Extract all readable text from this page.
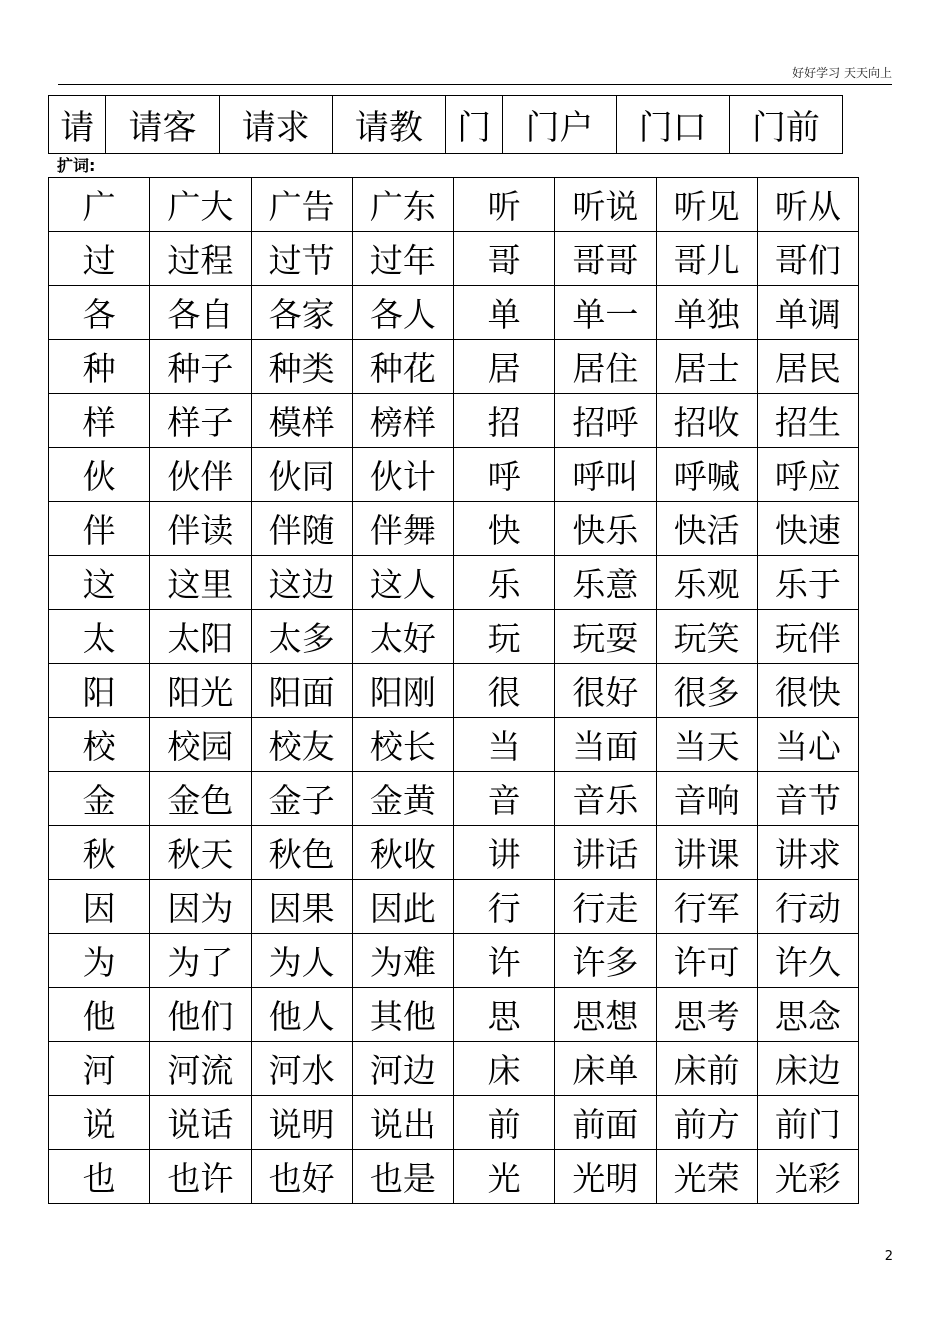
好好学习 天天向上
请	请客	请求	请教	门	门户	门口	门前
扩词:
广	广大	广告	广东	听	听说	听见	听从
过	过程	过节	过年	哥	哥哥	哥儿	哥们
各	各自	各家	各人	单	单一	单独	单调
种	种子	种类	种花	居	居住	居士	居民
样	样子	模样	榜样	招	招呼	招收	招生
伙	伙伴	伙同	伙计	呼	呼叫	呼喊	呼应
伴	伴读	伴随	伴舞	快	快乐	快活	快速
这	这里	这边	这人	乐	乐意	乐观	乐于
太	太阳	太多	太好	玩	玩耍	玩笑	玩伴
阳	阳光	阳面	阳刚	很	很好	很多	很快
校	校园	校友	校长	当	当面	当天	当心
金	金色	金子	金黄	音	音乐	音响	音节
秋	秋天	秋色	秋收	讲	讲话	讲课	讲求
因	因为	因果	因此	行	行走	行军	行动
为	为了	为人	为难	许	许多	许可	许久
他	他们	他人	其他	思	思想	思考	思念
河	河流	河水	河边	床	床单	床前	床边
说	说话	说明	说出	前	前面	前方	前门
也	也许	也好	也是	光	光明	光荣	光彩
2
